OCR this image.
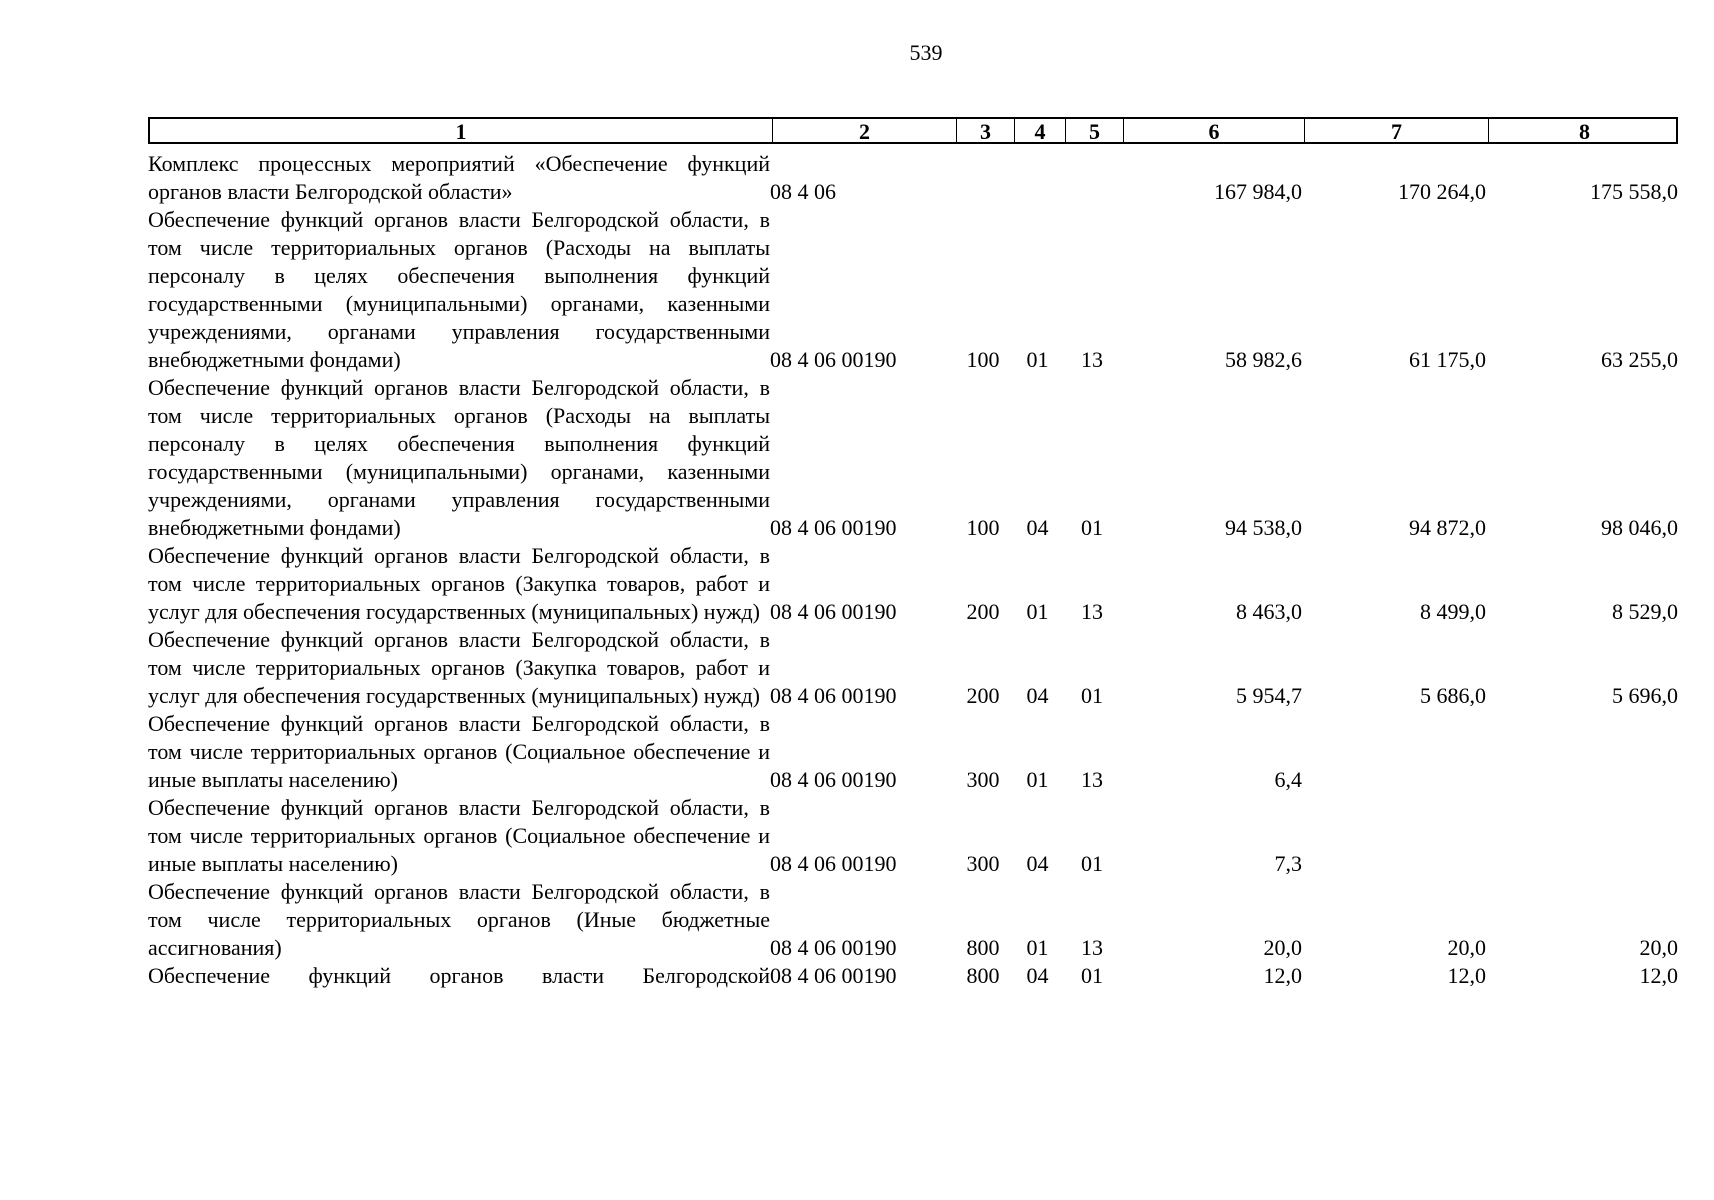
539
1	2	3	4	5	6	7	8
Комплекс процессных мероприятий «Обеспечение функций органов власти Белгородской области»	08 4 06				167 984,0	170 264,0	175 558,0
Обеспечение функций органов власти Белгородской области, в том числе территориальных органов (Расходы на выплаты персоналу в целях обеспечения выполнения функций государственными (муниципальными) органами, казенными учреждениями, органами управления государственными внебюджетными фондами)	08 4 06 00190	100	01	13	58 982,6	61 175,0	63 255,0
Обеспечение функций органов власти Белгородской области, в том числе территориальных органов (Расходы на выплаты персоналу в целях обеспечения выполнения функций государственными (муниципальными) органами, казенными учреждениями, органами управления государственными внебюджетными фондами)	08 4 06 00190	100	04	01	94 538,0	94 872,0	98 046,0
Обеспечение функций органов власти Белгородской области, в том числе территориальных органов (Закупка товаров, работ и услуг для обеспечения государственных (муниципальных) нужд)	08 4 06 00190	200	01	13	8 463,0	8 499,0	8 529,0
Обеспечение функций органов власти Белгородской области, в том числе территориальных органов (Закупка товаров, работ и услуг для обеспечения государственных (муниципальных) нужд)	08 4 06 00190	200	04	01	5 954,7	5 686,0	5 696,0
Обеспечение функций органов власти Белгородской области, в том числе территориальных органов (Социальное обеспечение и иные выплаты населению)	08 4 06 00190	300	01	13	6,4		
Обеспечение функций органов власти Белгородской области, в том числе территориальных органов (Социальное обеспечение и иные выплаты населению)	08 4 06 00190	300	04	01	7,3		
Обеспечение функций органов власти Белгородской области, в том числе территориальных органов (Иные бюджетные ассигнования)	08 4 06 00190	800	01	13	20,0	20,0	20,0
Обеспечение функций органов власти Белгородской	08 4 06 00190	800	04	01	12,0	12,0	12,0
